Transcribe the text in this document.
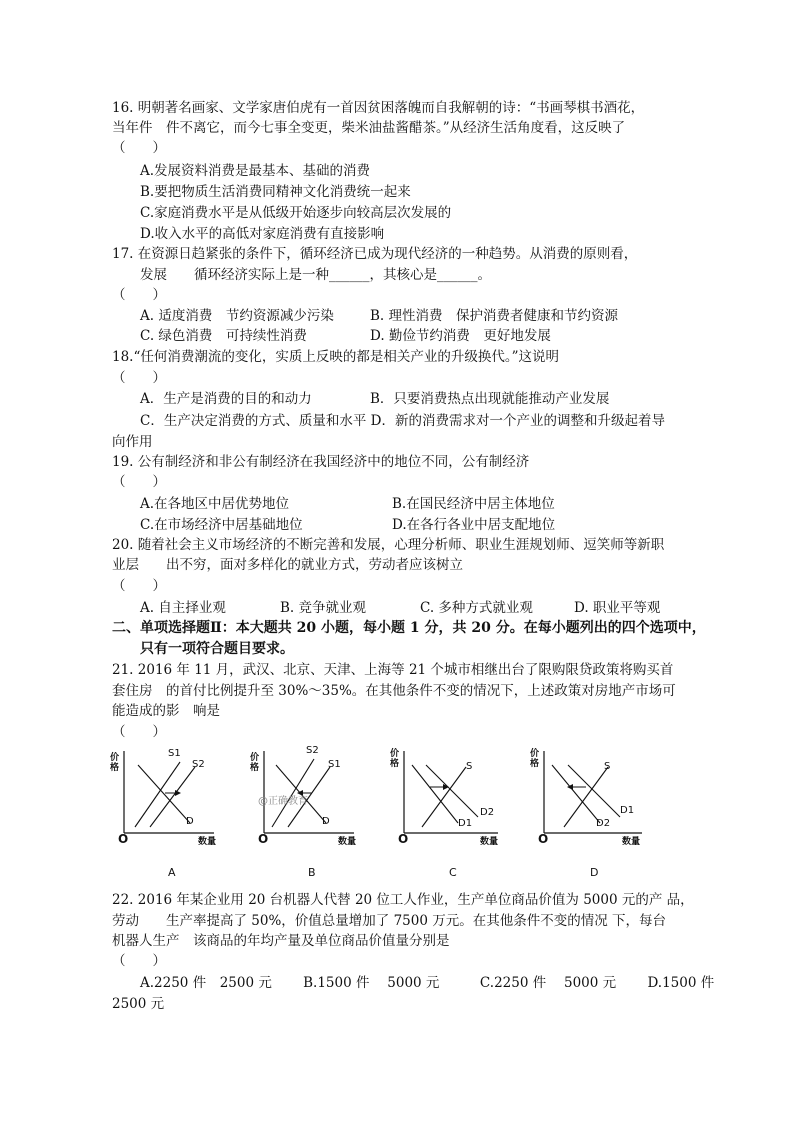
16. 明朝著名画家、文学家唐伯虎有一首因贫困落魄而自我解朝的诗：“书画琴棋书酒花，
当年件　件不离它，而今七事全变更，柴米油盐酱醋茶。”从经济生活角度看，这反映了
（　　）
A.发展资料消费是最基本、基础的消费
B.要把物质生活消费同精神文化消费统一起来
C.家庭消费水平是从低级开始逐步向较高层次发展的
D.收入水平的高低对家庭消费有直接影响
17. 在资源日趋紧张的条件下，循环经济已成为现代经济的一种趋势。从消费的原则看，
发展　　循环经济实际上是一种______，其核心是______。
（　　）
A. 适度消费　节约资源减少污染	B. 理性消费　保护消费者健康和节约资源
C. 绿色消费　可持续性消费	D. 勤俭节约消费　更好地发展
18.“任何消费潮流的变化，实质上反映的都是相关产业的升级换代。”这说明
（　　）
A．生产是消费的目的和动力	B．只要消费热点出现就能推动产业发展
C．生产决定消费的方式、质量和水平 D．新的消费需求对一个产业的调整和升级起着导
向作用
19. 公有制经济和非公有制经济在我国经济中的地位不同，公有制经济
（　　）
A.在各地区中居优势地位	B.在国民经济中居主体地位
C.在市场经济中居基础地位	D.在各行各业中居支配地位
20. 随着社会主义市场经济的不断完善和发展，心理分析师、职业生涯规划师、逗笑师等新职
业层　　出不穷，面对多样化的就业方式，劳动者应该树立
（　　）
A. 自主择业观	B. 竞争就业观	C. 多种方式就业观	D. 职业平等观
二、单项选择题Ⅱ：本大题共 20 小题，每小题 1 分，共 20 分。在每小题列出的四个选项中，
只有一项符合题目要求。
21. 2016 年 11 月，武汉、北京、天津、上海等 21 个城市相继出台了限购限贷政策将购买首
套住房　的首付比例提升至 30%～35%。在其他条件不变的情况下，上述政策对房地产市场可
能造成的影　响是
（　　）
价格
数量
O
S1
S2
D
A
价格
数量
O
S2
S1
D
@正确教育
B
价格
数量
O
S
D1
D2
C
价格
数量
O
S
D2
D1
D
22. 2016 年某企业用 20 台机器人代替 20 位工人作业，生产单位商品价值为 5000 元的产 品，
劳动　　生产率提高了 50%，价值总量增加了 7500 万元。在其他条件不变的情况 下，每台
机器人生产　该商品的年均产量及单位商品价值量分别是
（　　）
A.2250 件　2500 元　　 B.1500 件　 5000 元　　　C.2250 件　 5000 元　　 D.1500 件
2500 元
